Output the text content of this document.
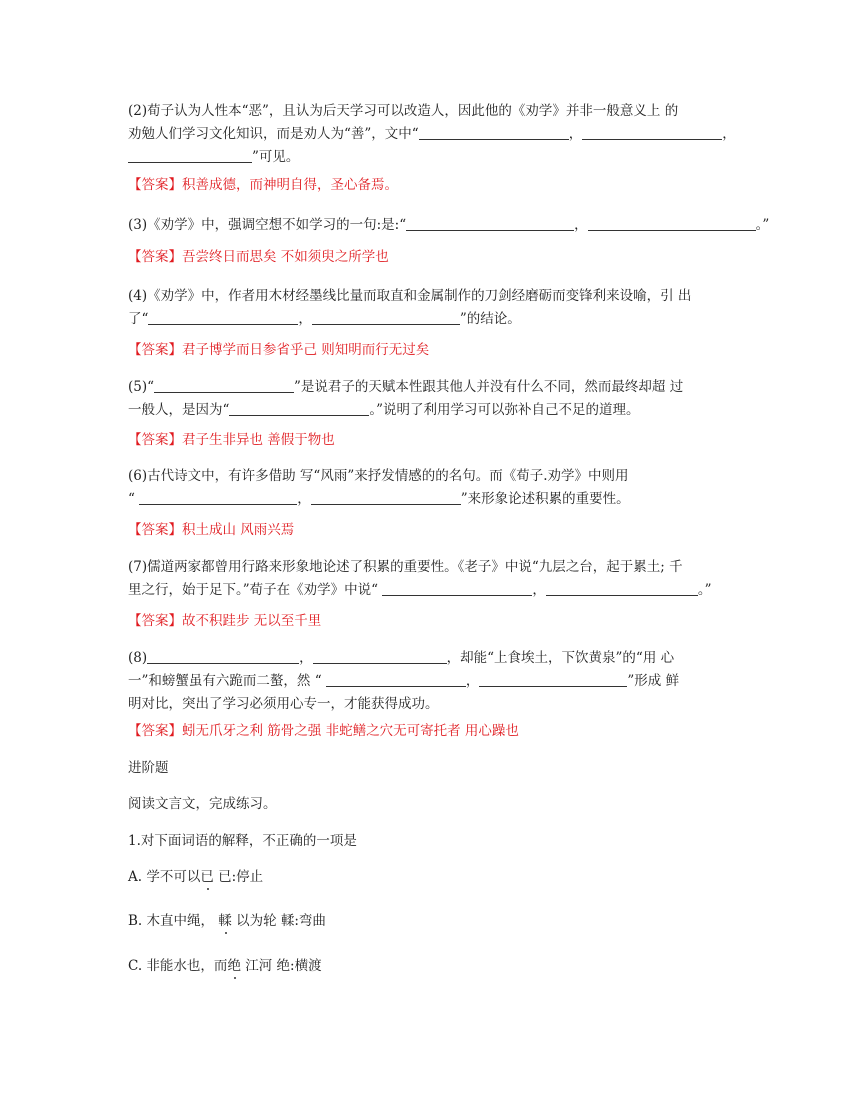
(2)荀子认为人性本“恶”，且认为后天学习可以改造人，因此他的《劝学》并非一般意义上 的
劝勉人们学习文化知识，而是劝人为“善”，文中“	，	，
”可见。
【答案】积善成德，而神明自得，圣心备焉。
(3)《劝学》中，强调空想不如学习的一句:是:“	，	。”
【答案】吾尝终日而思矣 不如须臾之所学也
(4)《劝学》中，作者用木材经墨线比量而取直和金属制作的刀剑经磨砺而变锋利来设喻，引 出
了“	，	”的结论。
【答案】君子博学而日参省乎己 则知明而行无过矣
(5)“	”是说君子的天赋本性跟其他人并没有什么不同，然而最终却超 过
一般人，是因为“	。”说明了利用学习可以弥补自己不足的道理。
【答案】君子生非异也 善假于物也
(6)古代诗文中，有许多借助 写“风雨”来抒发情感的的名句。而《荀子.劝学》中则用
“	，	”来形象论述积累的重要性。
【答案】积土成山 风雨兴焉
(7)儒道两家都曾用行路来形象地论述了积累的重要性。《老子》中说“九层之台，起于累土; 千
里之行，始于足下。”荀子在《劝学》中说“	，	。”
【答案】故不积跬步 无以至千里
(8)	，	，却能“上食埃土，下饮黄泉”的“用 心
一”和螃蟹虽有六跪而二螯，然 “	，	”形成 鲜
明对比，突出了学习必须用心专一，才能获得成功。
【答案】蚓无爪牙之利 筋骨之强 非蛇鳝之穴无可寄托者 用心躁也
进阶题
阅读文言文，完成练习。
1.对下面词语的解释，不正确的一项是
A. 学不可以已 已:停止
B. 木直中绳， 輮 以为轮 輮:弯曲
C. 非能水也，而绝 江河 绝:横渡
